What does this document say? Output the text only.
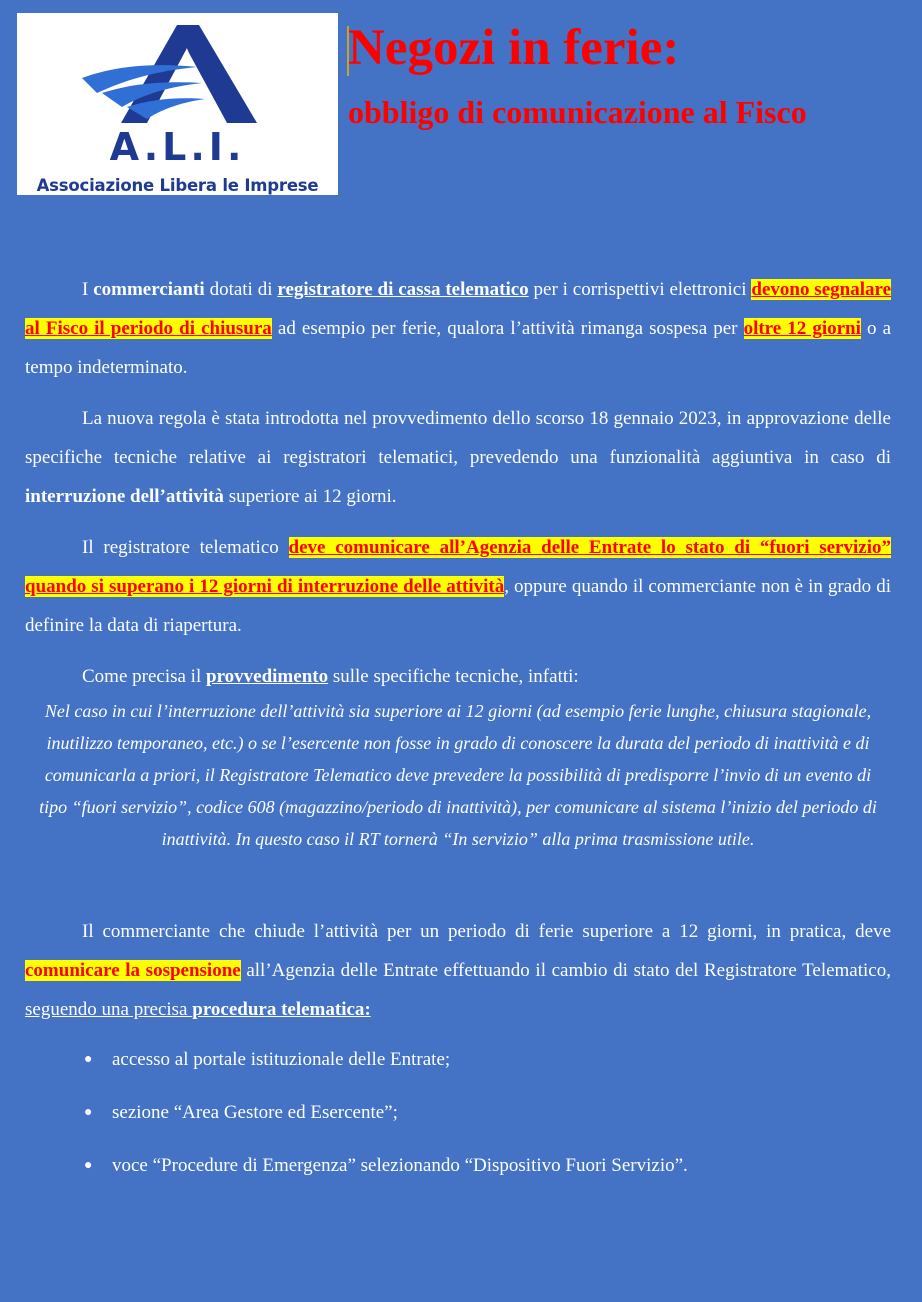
A.L.I.
Associazione Libera le Imprese
Negozi in ferie:
obbligo di comunicazione al Fisco

I commercianti dotati di registratore di cassa telematico per i corrispettivi elettronici devono segnalare al Fisco il periodo di chiusura ad esempio per ferie, qualora l’attività rimanga sospesa per oltre 12 giorni o a tempo indeterminato.

La nuova regola è stata introdotta nel provvedimento dello scorso 18 gennaio 2023, in approvazione delle specifiche tecniche relative ai registratori telematici, prevedendo una funzionalità aggiuntiva in caso di interruzione dell’attività superiore ai 12 giorni.

Il registratore telematico deve comunicare all’Agenzia delle Entrate lo stato di “fuori servizio” quando si superano i 12 giorni di interruzione delle attività, oppure quando il commerciante non è in grado di definire la data di riapertura.

Come precisa il provvedimento sulle specifiche tecniche, infatti:

Nel caso in cui l’interruzione dell’attività sia superiore ai 12 giorni (ad esempio ferie lunghe, chiusura stagionale, inutilizzo temporaneo, etc.) o se l’esercente non fosse in grado di conoscere la durata del periodo di inattività e di comunicarla a priori, il Registratore Telematico deve prevedere la possibilità di predisporre l’invio di un evento di tipo “fuori servizio”, codice 608 (magazzino/periodo di inattività), per comunicare al sistema l’inizio del periodo di inattività. In questo caso il RT tornerà “In servizio” alla prima trasmissione utile.

Il commerciante che chiude l’attività per un periodo di ferie superiore a 12 giorni, in pratica, deve comunicare la sospensione all’Agenzia delle Entrate effettuando il cambio di stato del Registratore Telematico, seguendo una precisa procedura telematica:

● accesso al portale istituzionale delle Entrate;
● sezione “Area Gestore ed Esercente”;
● voce “Procedure di Emergenza” selezionando “Dispositivo Fuori Servizio”.
